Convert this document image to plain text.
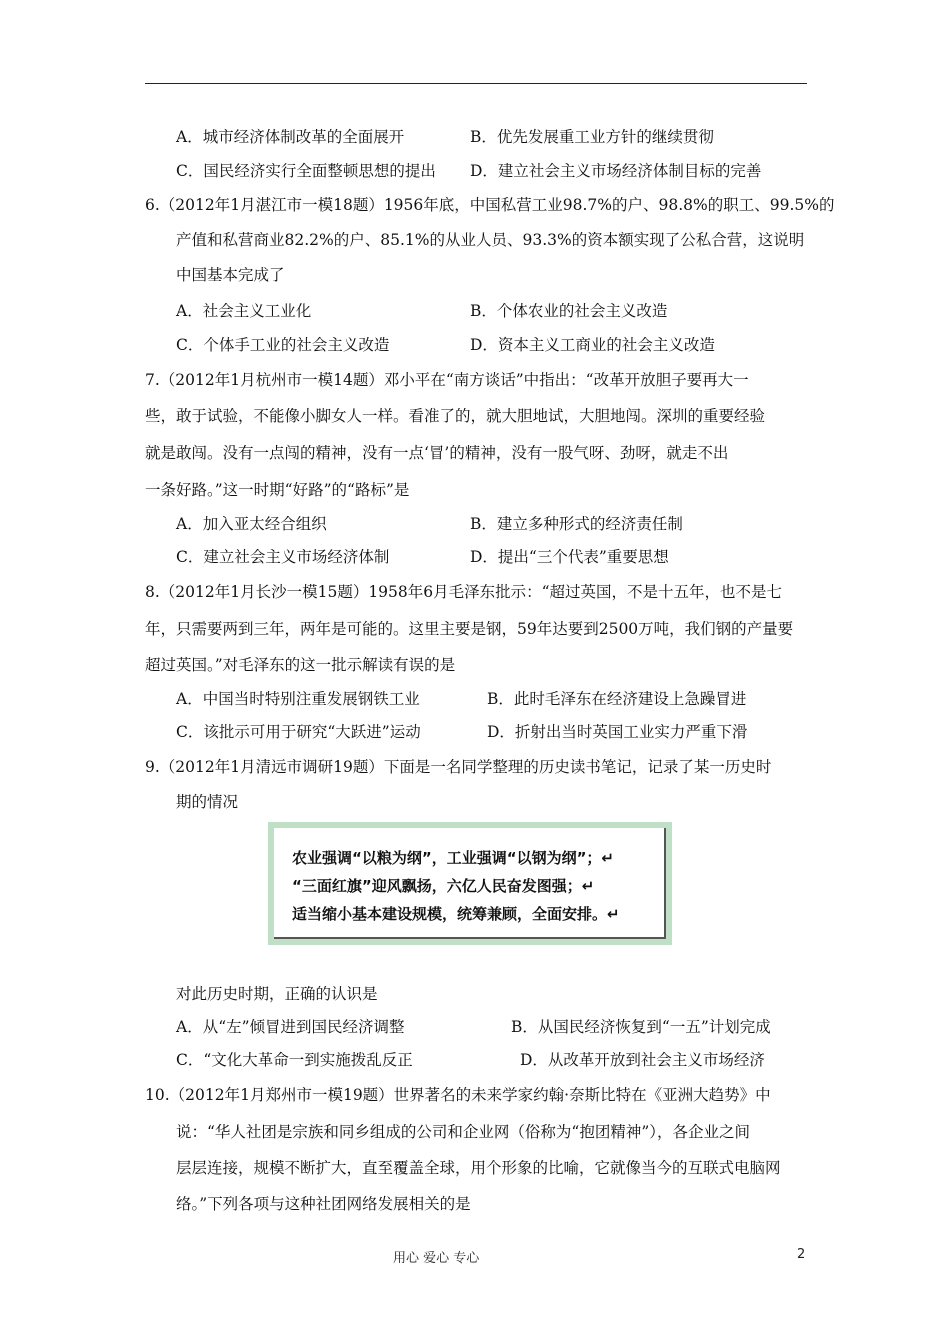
A．城市经济体制改革的全面展开	B．优先发展重工业方针的继续贯彻
C．国民经济实行全面整顿思想的提出 D．建立社会主义市场经济体制目标的完善
6.（2012年1月湛江市一模18题）1956年底，中国私营工业98.7%的户、98.8%的职工、99.5%的
产值和私营商业82.2%的户、85.1%的从业人员、93.3%的资本额实现了公私合营，这说明
中国基本完成了
A．社会主义工业化	B．个体农业的社会主义改造
C．个体手工业的社会主义改造	D．资本主义工商业的社会主义改造
7.（2012年1月杭州市一模14题）邓小平在“南方谈话”中指出：“改革开放胆子要再大一
些，敢于试验，不能像小脚女人一样。看准了的，就大胆地试，大胆地闯。深圳的重要经验
就是敢闯。没有一点闯的精神，没有一点‘冒’的精神，没有一股气呀、劲呀，就走不出
一条好路。”这一时期“好路”的“路标”是
A．加入亚太经合组织	B．建立多种形式的经济责任制
C．建立社会主义市场经济体制	D．提出“三个代表”重要思想
8.（2012年1月长沙一模15题）1958年6月毛泽东批示：“超过英国，不是十五年，也不是七
年，只需要两到三年，两年是可能的。这里主要是钢，59年达要到2500万吨，我们钢的产量要
超过英国。”对毛泽东的这一批示解读有误的是
A．中国当时特别注重发展钢铁工业	B．此时毛泽东在经济建设上急躁冒进
C．该批示可用于研究“大跃进”运动	D．折射出当时英国工业实力严重下滑
9.（2012年1月清远市调研19题）下面是一名同学整理的历史读书笔记，记录了某一历史时
期的情况
对此历史时期，正确的认识是
A．从“左”倾冒进到国民经济调整	B．从国民经济恢复到“一五”计划完成
C．“文化大革命一到实施拨乱反正	D．从改革开放到社会主义市场经济
10.（2012年1月郑州市一模19题）世界著名的未来学家约翰·奈斯比特在《亚洲大趋势》中
说：“华人社团是宗族和同乡组成的公司和企业网（俗称为“抱团精神”），各企业之间
层层连接，规模不断扩大，直至覆盖全球，用个形象的比喻，它就像当今的互联式电脑网
络。”下列各项与这种社团网络发展相关的是
农业强调“以粮为纲”，工业强调“以钢为纲”；↵
“三面红旗”迎风飘扬，六亿人民奋发图强；↵
适当缩小基本建设规模，统筹兼顾，全面安排。↵
用心 爱心 专心	2
